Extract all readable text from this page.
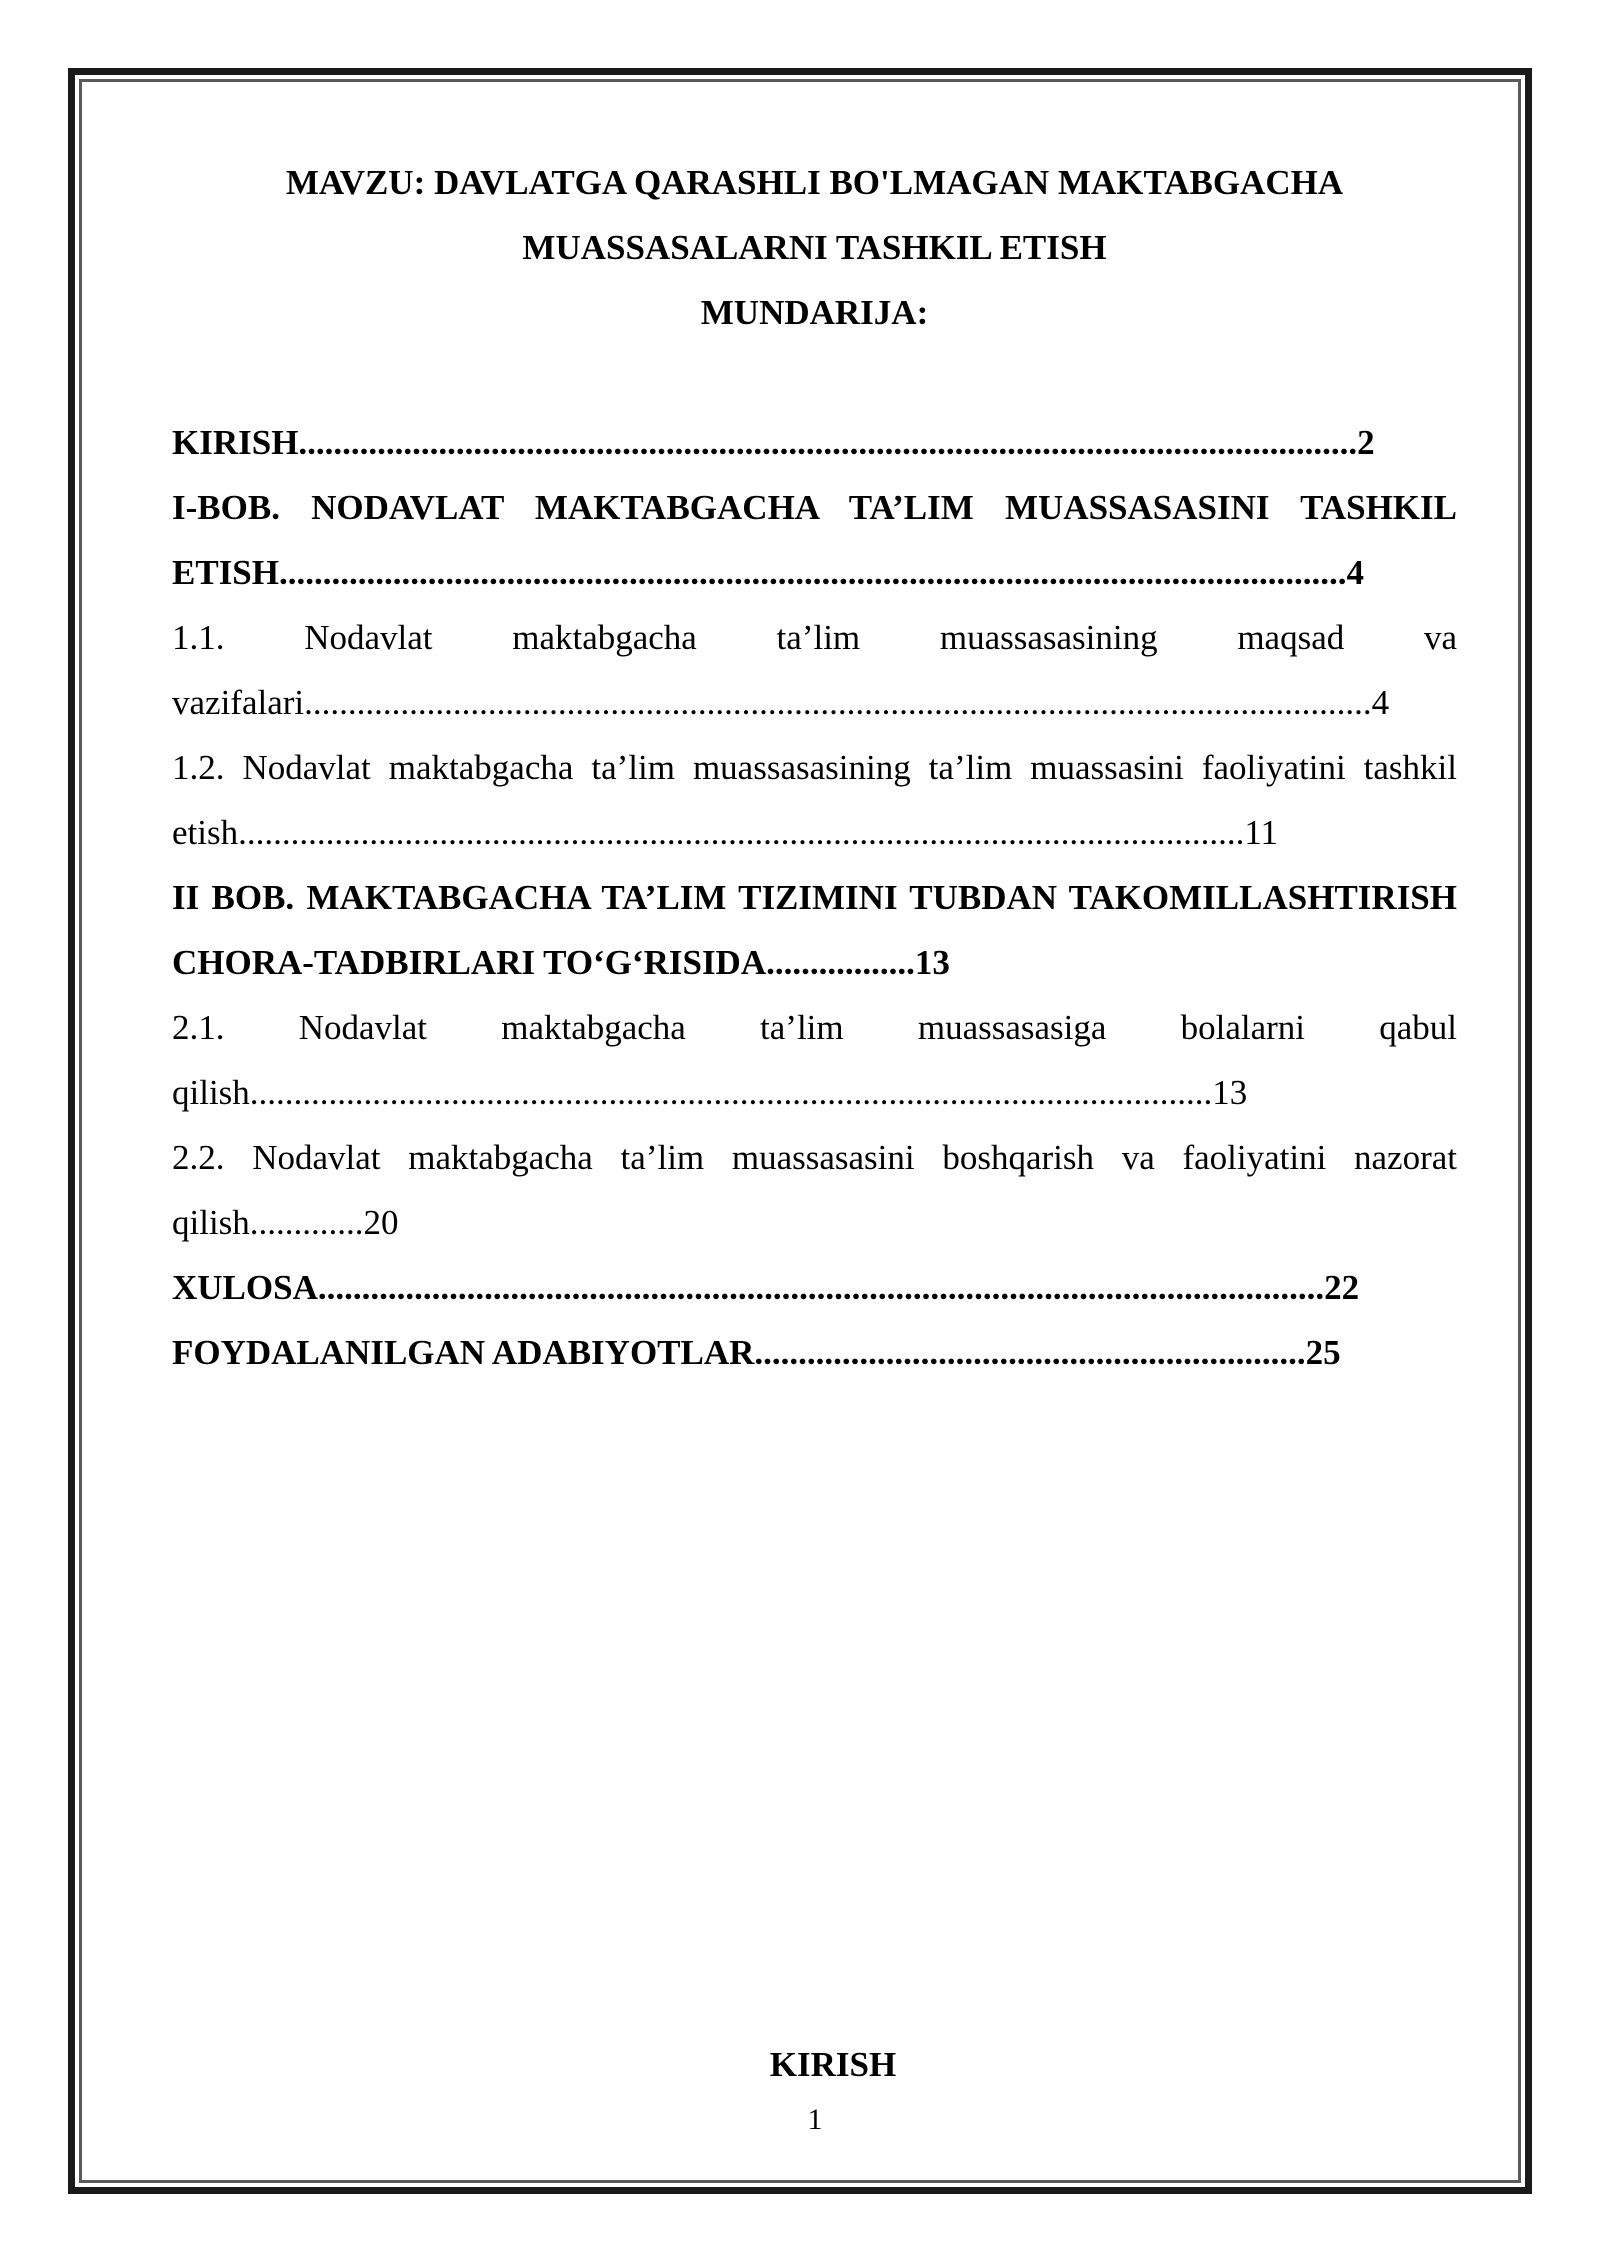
MAVZU: DAVLATGA QARASHLI BO'LMAGAN MAKTABGACHA
MUASSASALARNI TASHKIL ETISH
MUNDARIJA:
KIRISH.........................................................................................................................2
I-BOB. NODAVLAT MAKTABGACHA TA’LIM MUASSASASINI TASHKIL ETISH..........................................................................................................................4
1.1. Nodavlat maktabgacha ta’lim muassasasining maqsad va vazifalari..........................................................................................................................4
1.2. Nodavlat maktabgacha ta’lim muassasasining ta’lim muassasini faoliyatini tashkil etish...................................................................................................................11
II BOB. MAKTABGACHA TA’LIM TIZIMINI TUBDAN TAKOMILLASHTIRISH CHORA-TADBIRLARI TO‘G‘RISIDA.................13
2.1. Nodavlat maktabgacha ta’lim muassasasiga bolalarni qabul qilish..............................................................................................................13
2.2. Nodavlat maktabgacha ta’lim muassasasini boshqarish va faoliyatini nazorat qilish.............20
XULOSA...................................................................................................................22
FOYDALANILGAN ADABIYOTLAR...............................................................25
KIRISH
1
